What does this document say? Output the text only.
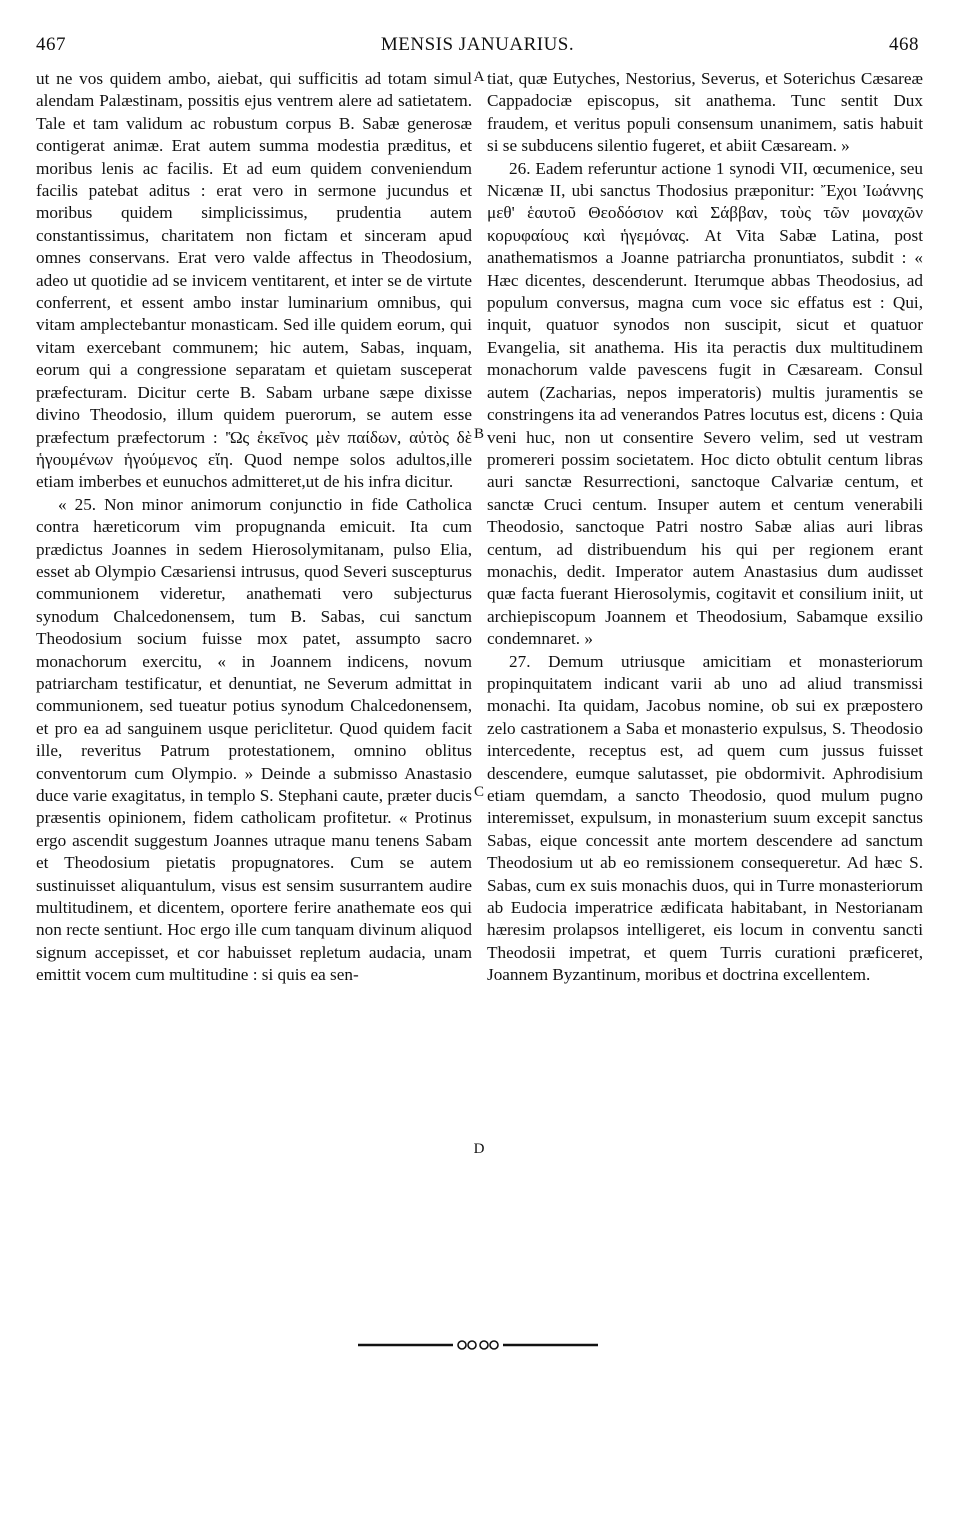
467	MENSIS JANUARIUS.	468

ut ne vos quidem ambo, aiebat, qui sufficitis ad totam simul alendam Palæstinam, possitis ejus ventrem alere ad satietatem. Tale et tam validum ac robustum corpus B. Sabæ generosæ contigerat animæ. Erat autem summa modestia præditus, et moribus lenis ac facilis. Et ad eum quidem conveniendum facilis patebat aditus : erat vero in sermone jucundus et moribus quidem simplicissimus, prudentia autem constantissimus, charitatem non fictam et sinceram apud omnes conservans. Erat vero valde affectus in Theodosium, adeo ut quotidie ad se invicem ventitarent, et inter se de virtute conferrent, et essent ambo instar luminarium omnibus, qui vitam amplectebantur monasticam. Sed ille quidem eorum, qui vitam exercebant communem; hic autem, Sabas, inquam, eorum qui a congressione separatam et quietam susceperat præfecturam. Dicitur certe B. Sabam urbane sæpe dixisse divino Theodosio, illum quidem puerorum, se autem esse præfectum præfectorum : 'Ὡς ἐκεῖνος μὲν παίδων, αὐτὸς δὲ ἡγουμένων ἡγούμενος εἴη. Quod nempe solos adultos,ille etiam imberbes et eunuchos admitteret,ut de his infra dicitur.

« 25. Non minor animorum conjunctio in fide Catholica contra hæreticorum vim propugnanda emicuit. Ita cum prædictus Joannes in sedem Hierosolymitanam, pulso Elia, esset ab Olympio Cæsariensi intrusus, quod Severi suscepturus communionem videretur, anathemati vero subjecturus synodum Chalcedonensem, tum B. Sabas, cui sanctum Theodosium socium fuisse mox patet, assumpto sacro monachorum exercitu, « in Joannem indicens, novum patriarcham testificatur, et denuntiat, ne Severum admittat in communionem, sed tueatur potius synodum Chalcedonensem, et pro ea ad sanguinem usque periclitetur. Quod quidem facit ille, reveritus Patrum protestationem, omnino oblitus conventorum cum Olympio. » Deinde a submisso Anastasio duce varie exagitatus, in templo S. Stephani caute, præter ducis præsentis opinionem, fidem catholicam profitetur. « Protinus ergo ascendit suggestum Joannes utraque manu tenens Sabam et Theodosium pietatis propugnatores. Cum se autem sustinuisset aliquantulum, visus est sensim susurrantem audire multitudinem, et dicentem, oportere ferire anathemate eos qui non recte sentiunt. Hoc ergo ille cum tanquam divinum aliquod signum accepisset, et cor habuisset repletum audacia, unam emittit vocem cum multitudine : si quis ea sen-

tiat, quæ Eutyches, Nestorius, Severus, et Soterichus Cæsareæ Cappadociæ episcopus, sit anathema. Tunc sentit Dux fraudem, et veritus populi consensum unanimem, satis habuit si se subducens silentio fugeret, et abiit Cæsaream. »

26. Eadem referuntur actione 1 synodi VII, œcumenice, seu Nicænæ II, ubi sanctus Thodosius præponitur: Ἔχοι Ἰωάννης μεθ' ἑαυτοῦ Θεοδόσιον καὶ Σάββαν, τοὺς τῶν μοναχῶν κορυφαίους καὶ ἡγεμόνας. At Vita Sabæ Latina, post anathematismos a Joanne patriarcha pronuntiatos, subdit : « Hæc dicentes, descenderunt. Iterumque abbas Theodosius, ad populum conversus, magna cum voce sic effatus est : Qui, inquit, quatuor synodos non suscipit, sicut et quatuor Evangelia, sit anathema. His ita peractis dux multitudinem monachorum valde pavescens fugit in Cæsaream. Consul autem (Zacharias, nepos imperatoris) multis juramentis se constringens ita ad venerandos Patres locutus est, dicens : Quia veni huc, non ut consentire Severo velim, sed ut vestram promereri possim societatem. Hoc dicto obtulit centum libras auri sanctæ Resurrectioni, sanctoque Calvariæ centum, et sanctæ Cruci centum. Insuper autem et centum venerabili Theodosio, sanctoque Patri nostro Sabæ alias auri libras centum, ad distribuendum his qui per regionem erant monachis, dedit. Imperator autem Anastasius dum audisset quæ facta fuerant Hierosolymis, cogitavit et consilium iniit, ut archiepiscopum Joannem et Theodosium, Sabamque exsilio condemnaret. »

27. Demum utriusque amicitiam et monasteriorum propinquitatem indicant varii ab uno ad aliud transmissi monachi. Ita quidam, Jacobus nomine, ob sui ex præpostero zelo castrationem a Saba et monasterio expulsus, S. Theodosio intercedente, receptus est, ad quem cum jussus fuisset descendere, eumque salutasset, pie obdormivit. Aphrodisium etiam quemdam, a sancto Theodosio, quod mulum pugno interemisset, expulsum, in monasterium suum excepit sanctus Sabas, eique concessit ante mortem descendere ad sanctum Theodosium ut ab eo remissionem consequeretur. Ad hæc S. Sabas, cum ex suis monachis duos, qui in Turre monasteriorum ab Eudocia imperatrice ædificata habitabant, in Nestorianam hæresim prolapsos intelligeret, eis locum in conventu sancti Theodosii impetrat, et quem Turris curationi præficeret, Joannem Byzantinum, moribus et doctrina excellentem.

A
B
C
D
